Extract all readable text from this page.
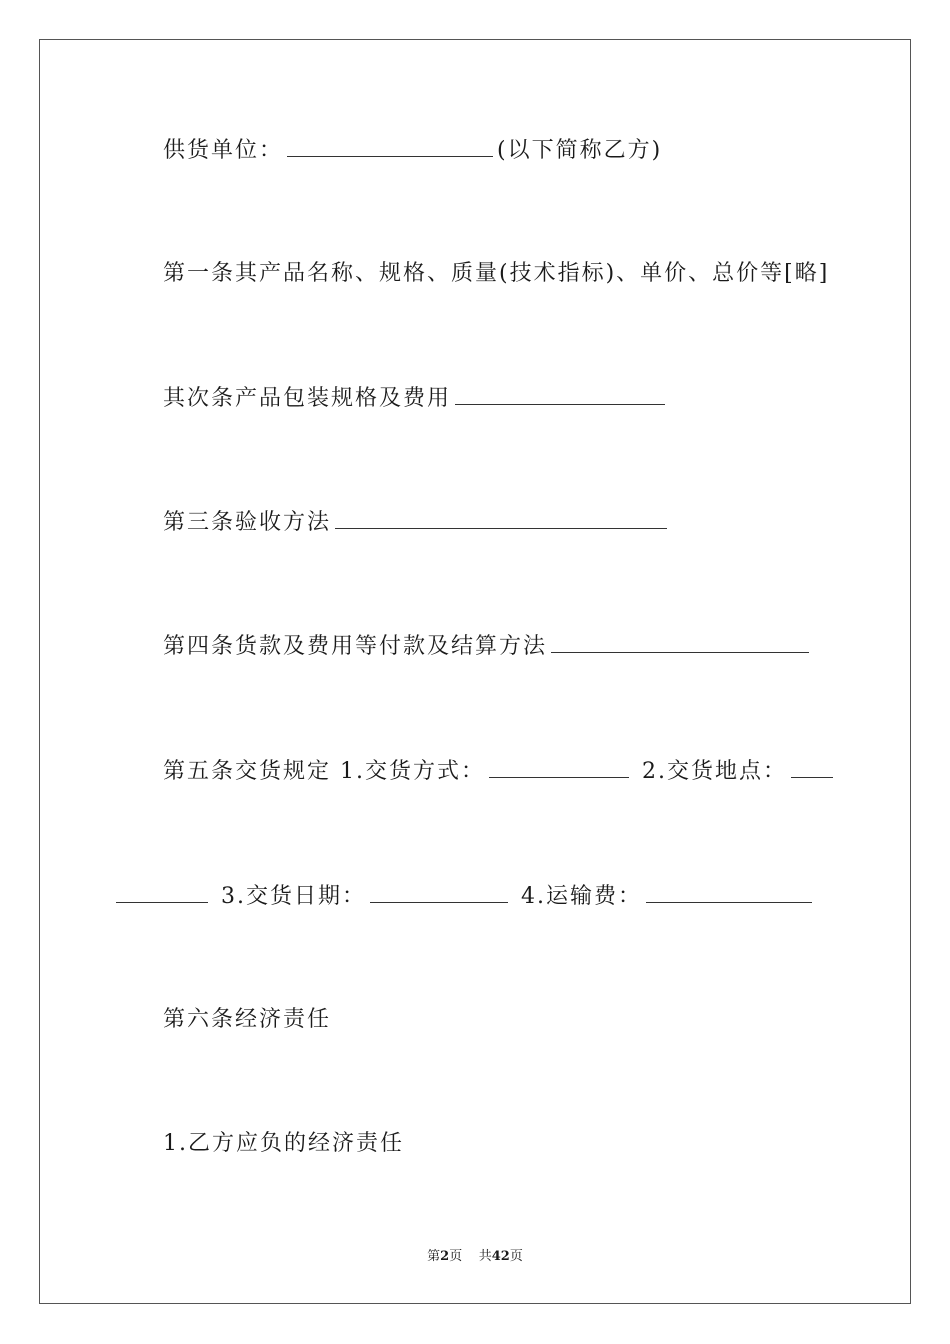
供货单位：	(以下简称乙方)
第一条其产品名称、规格、质量(技术指标)、单价、总价等[略]
其次条产品包装规格及费用
第三条验收方法
第四条货款及费用等付款及结算方法
第五条交货规定 1.交货方式：	2.交货地点：
3.交货日期：	4.运输费：
第六条经济责任
1.乙方应负的经济责任
第2页 共42页
